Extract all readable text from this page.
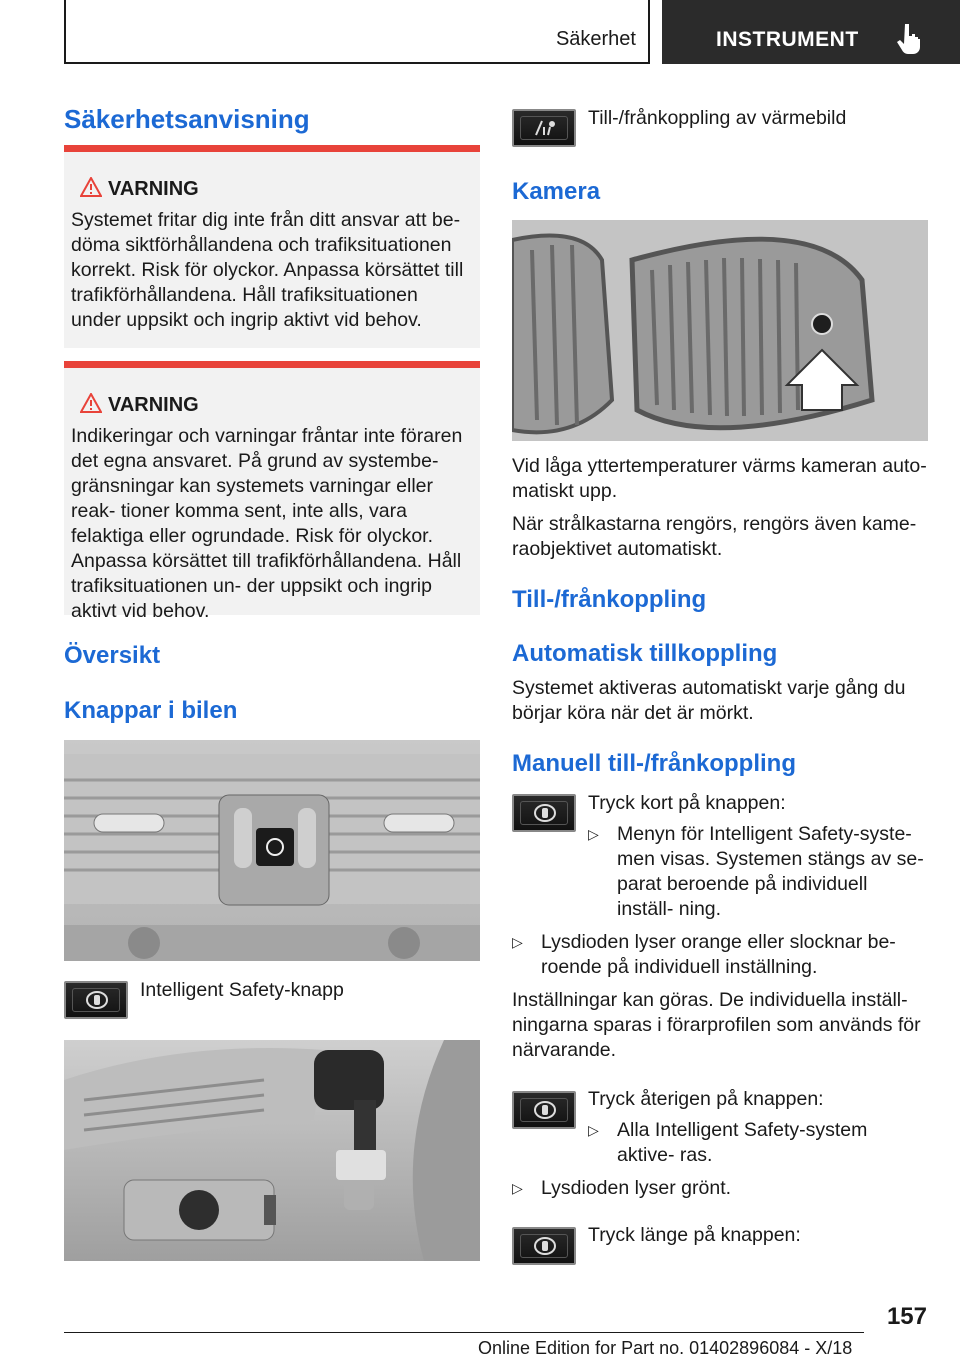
Säkerhet	INSTRUMENT
Säkerhetsanvisning
VARNING
Systemet fritar dig inte från ditt ansvar att be‐ döma siktförhållandena och trafiksituationen korrekt. Risk för olyckor. Anpassa körsättet till trafikförhållandena. Håll trafiksituationen under uppsikt och ingrip aktivt vid behov.
VARNING
Indikeringar och varningar fråntar inte föraren det egna ansvaret. På grund av systembe‐ gränsningar kan systemets varningar eller reak‐ tioner komma sent, inte alls, vara felaktiga eller ogrundade. Risk för olyckor. Anpassa körsättet till trafikförhållandena. Håll trafiksituationen un‐ der uppsikt och ingrip aktivt vid behov.
Översikt
Knappar i bilen
Intelligent Safety-knapp
Till-/frånkoppling av värmebild
Kamera
Vid låga yttertemperaturer värms kameran auto‐ matiskt upp.
När strålkastarna rengörs, rengörs även kame‐ raobjektivet automatiskt.
Till-/frånkoppling
Automatisk tillkoppling
Systemet aktiveras automatiskt varje gång du börjar köra när det är mörkt.
Manuell till-/frånkoppling
Tryck kort på knappen:
▷ Menyn för Intelligent Safety-syste‐ men visas. Systemen stängs av se‐ parat beroende på individuell inställ‐ ning.
▷ Lysdioden lyser orange eller slocknar be‐ roende på individuell inställning.
Inställningar kan göras. De individuella inställ‐ ningarna sparas i förarprofilen som används för närvarande.
Tryck återigen på knappen:
▷ Alla Intelligent Safety-system aktive‐ ras.
▷ Lysdioden lyser grönt.
Tryck länge på knappen:
157
Online Edition for Part no. 01402896084 - X/18
